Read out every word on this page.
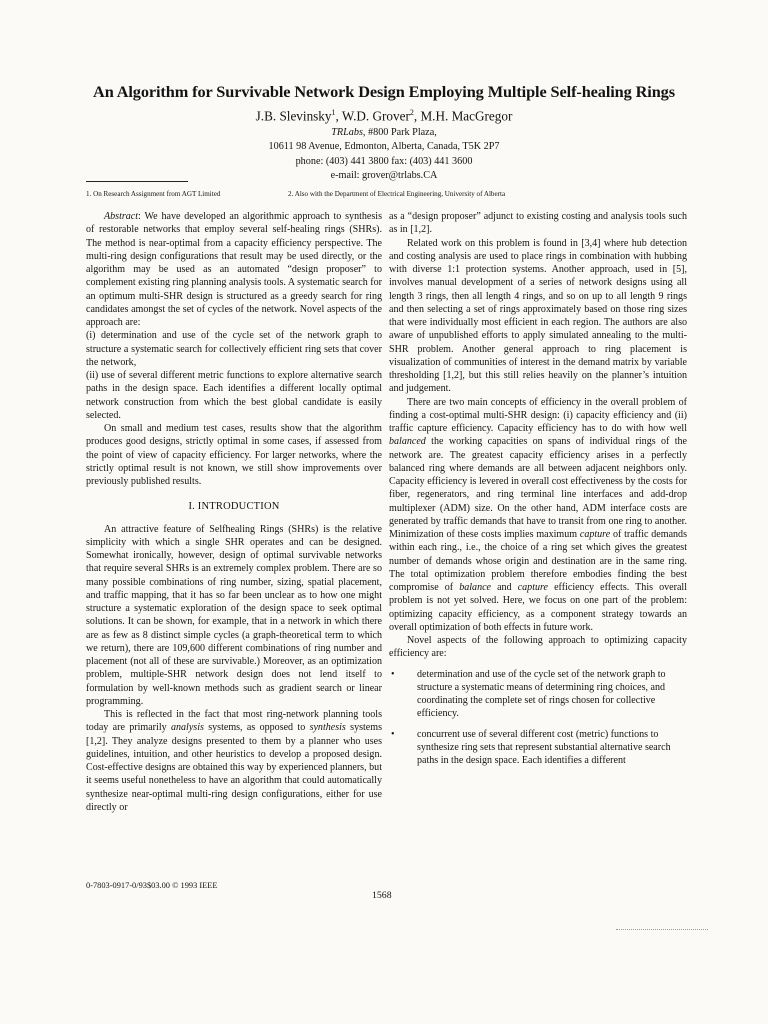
An Algorithm for Survivable Network Design Employing Multiple Self-healing Rings

J.B. Slevinsky$^1$, W.D. Grover$^2$, M.H. MacGregor

TRLabs, #800 Park Plaza,
10611 98 Avenue, Edmonton, Alberta, Canada, T5K 2P7
phone: (403) 441 3800 fax: (403) 441 3600
e-mail: grover@trlabs.CA
1. On Research Assignment from AGT Limited	2. Also with the Department of Electrical Engineering, University of Alberta

Abstract: We have developed an algorithmic approach to synthesis of restorable networks that employ several self-healing rings (SHRs). The method is near-optimal from a capacity efficiency perspective. The multi-ring design configurations that result may be used directly, or the algorithm may be used as an automated “design proposer” to complement existing ring planning analysis tools. A systematic search for an optimum multi-SHR design is structured as a greedy search for ring candidates amongst the set of cycles of the network. Novel aspects of the approach are:

(i) determination and use of the cycle set of the network graph to structure a systematic search for collectively efficient ring sets that cover the network,

(ii) use of several different metric functions to explore alternative search paths in the design space. Each identifies a different locally optimal network construction from which the best global candidate is easily selected.

On small and medium test cases, results show that the algorithm produces good designs, strictly optimal in some cases, if assessed from the point of view of capacity efficiency. For larger networks, where the strictly optimal result is not known, we still show improvements over previously published results.

I. INTRODUCTION

An attractive feature of Selfhealing Rings (SHRs) is the relative simplicity with which a single SHR operates and can be designed. Somewhat ironically, however, design of optimal survivable networks that require several SHRs is an extremely complex problem. There are so many possible combinations of ring number, sizing, spatial placement, and traffic mapping, that it has so far been unclear as to how one might structure a systematic exploration of the design space to seek optimal solutions. It can be shown, for example, that in a network in which there are as few as 8 distinct simple cycles (a graph-theoretical term to which we return), there are 109,600 different combinations of ring number and placement (not all of these are survivable.) Moreover, as an optimization problem, multiple-SHR network design does not lend itself to formulation by well-known methods such as gradient search or linear programming.

This is reflected in the fact that most ring-network planning tools today are primarily analysis systems, as opposed to synthesis systems [1,2]. They analyze designs presented to them by a planner who uses guidelines, intuition, and other heuristics to develop a proposed design. Cost-effective designs are obtained this way by experienced planners, but it seems useful nonetheless to have an algorithm that could automatically synthesize near-optimal multi-ring design configurations, either for use directly or

as a “design proposer” adjunct to existing costing and analysis tools such as in [1,2].

Related work on this problem is found in [3,4] where hub detection and costing analysis are used to place rings in combination with hubbing with diverse 1:1 protection systems. Another approach, used in [5], involves manual development of a series of network designs using all length 3 rings, then all length 4 rings, and so on up to all length 9 rings and then selecting a set of rings approximately based on those ring sizes that were individually most efficient in each region. The authors are also aware of unpublished efforts to apply simulated annealing to the multi-SHR problem. Another general approach to ring placement is visualization of communities of interest in the demand matrix by variable thresholding [1,2], but this still relies heavily on the planner’s intuition and judgement.

There are two main concepts of efficiency in the overall problem of finding a cost-optimal multi-SHR design: (i) capacity efficiency and (ii) traffic capture efficiency. Capacity efficiency has to do with how well balanced the working capacities on spans of individual rings of the network are. The greatest capacity efficiency arises in a perfectly balanced ring where demands are all between adjacent neighbors only. Capacity efficiency is levered in overall cost effectiveness by the costs for fiber, regenerators, and ring terminal line interfaces and add-drop multiplexer (ADM) size. On the other hand, ADM interface costs are generated by traffic demands that have to transit from one ring to another. Minimization of these costs implies maximum capture of traffic demands within each ring., i.e., the choice of a ring set which gives the greatest number of demands whose origin and destination are in the same ring. The total optimization problem therefore embodies finding the best compromise of balance and capture efficiency effects. This overall problem is not yet solved. Here, we focus on one part of the problem: optimizing capacity efficiency, as a component strategy towards an overall optimization of both effects in future work.

Novel aspects of the following approach to optimizing capacity efficiency are:

•	determination and use of the cycle set of the network graph to structure a systematic means of determining ring choices, and coordinating the complete set of rings chosen for collective efficiency.

•	concurrent use of several different cost (metric) functions to synthesize ring sets that represent substantial alternative search paths in the design space. Each identifies a different

0-7803-0917-0/93$03.00 © 1993 IEEE
1568
